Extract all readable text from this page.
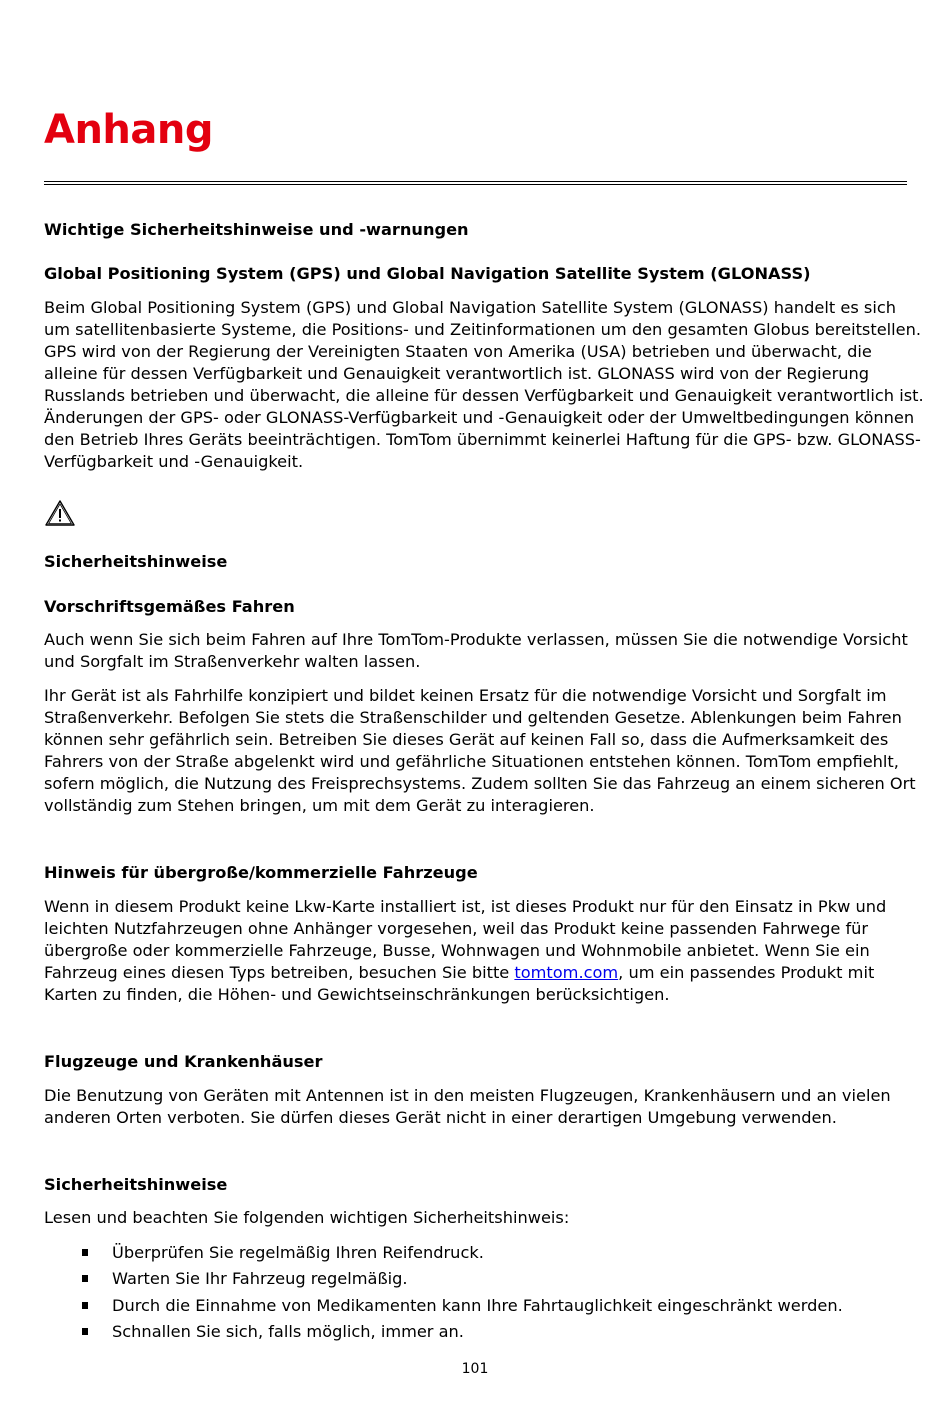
Anhang
Wichtige Sicherheitshinweise und -warnungen
Global Positioning System (GPS) und Global Navigation Satellite System (GLONASS)

Beim Global Positioning System (GPS) und Global Navigation Satellite System (GLONASS) handelt es sich um satellitenbasierte Systeme, die Positions- und Zeitinformationen um den gesamten Globus bereitstellen. GPS wird von der Regierung der Vereinigten Staaten von Amerika (USA) betrieben und überwacht, die alleine für dessen Verfügbarkeit und Genauigkeit verantwortlich ist. GLONASS wird von der Regierung Russlands betrieben und überwacht, die alleine für dessen Verfügbarkeit und Genauigkeit verantwortlich ist. Änderungen der GPS- oder GLONASS-Verfügbarkeit und -Genauigkeit oder der Umweltbedingungen können den Betrieb Ihres Geräts beeinträchtigen. TomTom übernimmt keinerlei Haftung für die GPS- bzw. GLONASS-Verfügbarkeit und -Genauigkeit.

Sicherheitshinweise
Vorschriftsgemäßes Fahren

Auch wenn Sie sich beim Fahren auf Ihre TomTom-Produkte verlassen, müssen Sie die notwendige Vorsicht und Sorgfalt im Straßenverkehr walten lassen.

Ihr Gerät ist als Fahrhilfe konzipiert und bildet keinen Ersatz für die notwendige Vorsicht und Sorgfalt im Straßenverkehr. Befolgen Sie stets die Straßenschilder und geltenden Gesetze. Ablenkungen beim Fahren können sehr gefährlich sein. Betreiben Sie dieses Gerät auf keinen Fall so, dass die Aufmerksamkeit des Fahrers von der Straße abgelenkt wird und gefährliche Situationen entstehen können. TomTom empfiehlt, sofern möglich, die Nutzung des Freisprechsystems. Zudem sollten Sie das Fahrzeug an einem sicheren Ort vollständig zum Stehen bringen, um mit dem Gerät zu interagieren.

Hinweis für übergroße/kommerzielle Fahrzeuge

Wenn in diesem Produkt keine Lkw-Karte installiert ist, ist dieses Produkt nur für den Einsatz in Pkw und leichten Nutzfahrzeugen ohne Anhänger vorgesehen, weil das Produkt keine passenden Fahrwege für übergroße oder kommerzielle Fahrzeuge, Busse, Wohnwagen und Wohnmobile anbietet. Wenn Sie ein Fahrzeug eines diesen Typs betreiben, besuchen Sie bitte tomtom.com, um ein passendes Produkt mit Karten zu finden, die Höhen- und Gewichtseinschränkungen berücksichtigen.

Flugzeuge und Krankenhäuser

Die Benutzung von Geräten mit Antennen ist in den meisten Flugzeugen, Krankenhäusern und an vielen anderen Orten verboten. Sie dürfen dieses Gerät nicht in einer derartigen Umgebung verwenden.

Sicherheitshinweise

Lesen und beachten Sie folgenden wichtigen Sicherheitshinweis:

Überprüfen Sie regelmäßig Ihren Reifendruck.
Warten Sie Ihr Fahrzeug regelmäßig.
Durch die Einnahme von Medikamenten kann Ihre Fahrtauglichkeit eingeschränkt werden.
Schnallen Sie sich, falls möglich, immer an.
101
